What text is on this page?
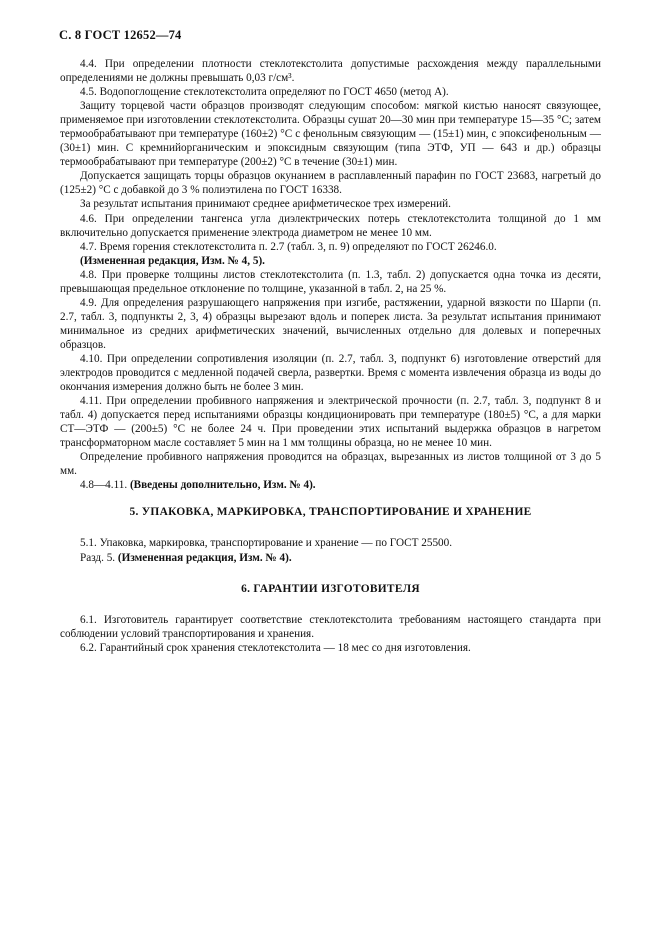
С. 8 ГОСТ 12652—74

4.4. При определении плотности стеклотекстолита допустимые расхождения между параллельными определениями не должны превышать 0,03 г/см³.

4.5. Водопоглощение стеклотекстолита определяют по ГОСТ 4650 (метод А).

Защиту торцевой части образцов производят следующим способом: мягкой кистью наносят связующее, применяемое при изготовлении стеклотекстолита. Образцы сушат 20—30 мин при температуре 15—35 °С; затем термообрабатывают при температуре (160±2) °С с фенольным связующим — (15±1) мин, с эпоксифенольным — (30±1) мин. С кремнийорганическим и эпоксидным связующим (типа ЭТФ, УП — 643 и др.) образцы термообрабатывают при температуре (200±2) °С в течение (30±1) мин.

Допускается защищать торцы образцов окунанием в расплавленный парафин по ГОСТ 23683, нагретый до (125±2) °С с добавкой до 3 % полиэтилена по ГОСТ 16338.

За результат испытания принимают среднее арифметическое трех измерений.

4.6. При определении тангенса угла диэлектрических потерь стеклотекстолита толщиной до 1 мм включительно допускается применение электрода диаметром не менее 10 мм.

4.7. Время горения стеклотекстолита п. 2.7 (табл. 3, п. 9) определяют по ГОСТ 26246.0.

(Измененная редакция, Изм. № 4, 5).

4.8. При проверке толщины листов стеклотекстолита (п. 1.3, табл. 2) допускается одна точка из десяти, превышающая предельное отклонение по толщине, указанной в табл. 2, на 25 %.

4.9. Для определения разрушающего напряжения при изгибе, растяжении, ударной вязкости по Шарпи (п. 2.7, табл. 3, подпункты 2, 3, 4) образцы вырезают вдоль и поперек листа. За результат испытания принимают минимальное из средних арифметических значений, вычисленных отдельно для долевых и поперечных образцов.

4.10. При определении сопротивления изоляции (п. 2.7, табл. 3, подпункт 6) изготовление отверстий для электродов проводится с медленной подачей сверла, развертки. Время с момента извлечения образца из воды до окончания измерения должно быть не более 3 мин.

4.11. При определении пробивного напряжения и электрической прочности (п. 2.7, табл. 3, подпункт 8 и табл. 4) допускается перед испытаниями образцы кондиционировать при температуре (180±5) °С, а для марки СТ—ЭТФ — (200±5) °С не более 24 ч. При проведении этих испытаний выдержка образцов в нагретом трансформаторном масле составляет 5 мин на 1 мм толщины образца, но не менее 10 мин.

Определение пробивного напряжения проводится на образцах, вырезанных из листов толщиной от 3 до 5 мм.

4.8—4.11. (Введены дополнительно, Изм. № 4).

5. УПАКОВКА, МАРКИРОВКА, ТРАНСПОРТИРОВАНИЕ И ХРАНЕНИЕ

5.1. Упаковка, маркировка, транспортирование и хранение — по ГОСТ 25500.

Разд. 5. (Измененная редакция, Изм. № 4).

6. ГАРАНТИИ ИЗГОТОВИТЕЛЯ

6.1. Изготовитель гарантирует соответствие стеклотекстолита требованиям настоящего стандарта при соблюдении условий транспортирования и хранения.

6.2. Гарантийный срок хранения стеклотекстолита — 18 мес со дня изготовления.
